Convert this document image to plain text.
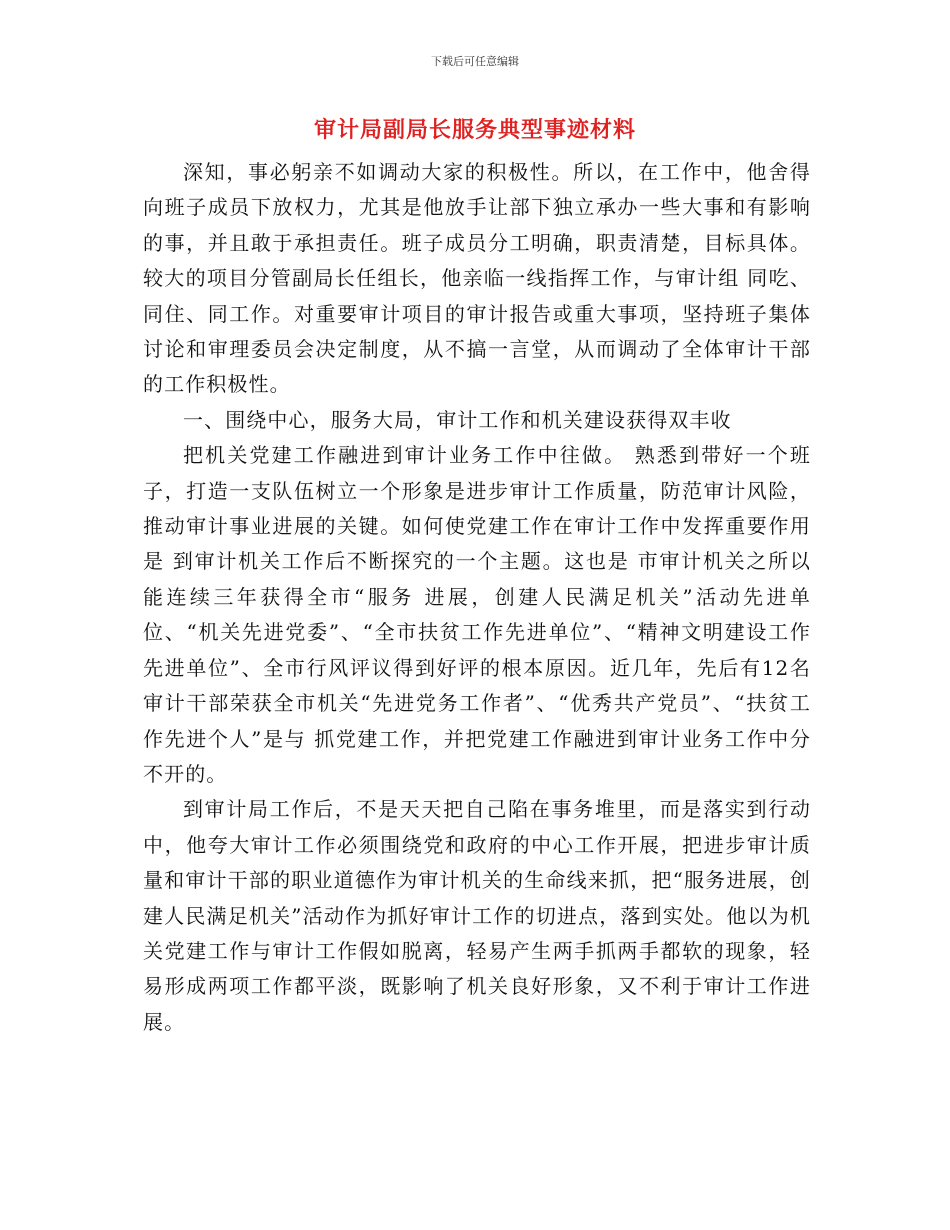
下载后可任意编辑
审计局副局长服务典型事迹材料

深知，事必躬亲不如调动大家的积极性。所以，在工作中，他舍得向班子成员下放权力，尤其是他放手让部下独立承办一些大事和有影响的事，并且敢于承担责任。班子成员分工明确，职责清楚，目标具体。较大的项目分管副局长任组长，他亲临一线指挥工作，与审计组 同吃、同住、同工作。对重要审计项目的审计报告或重大事项，坚持班子集体讨论和审理委员会决定制度，从不搞一言堂，从而调动了全体审计干部的工作积极性。

一、围绕中心，服务大局，审计工作和机关建设获得双丰收

把机关党建工作融进到审计业务工作中往做。 熟悉到带好一个班子，打造一支队伍树立一个形象是进步审计工作质量，防范审计风险，推动审计事业进展的关键。如何使党建工作在审计工作中发挥重要作用是 到审计机关工作后不断探究的一个主题。这也是 市审计机关之所以能连续三年获得全市“服务 进展，创建人民满足机关”活动先进单位、“机关先进党委”、“全市扶贫工作先进单位”、“精神文明建设工作先进单位”、全市行风评议得到好评的根本原因。近几年，先后有12名审计干部荣获全市机关“先进党务工作者”、“优秀共产党员”、“扶贫工作先进个人”是与 抓党建工作，并把党建工作融进到审计业务工作中分不开的。

到审计局工作后，不是天天把自己陷在事务堆里，而是落实到行动中，他夸大审计工作必须围绕党和政府的中心工作开展，把进步审计质量和审计干部的职业道德作为审计机关的生命线来抓，把“服务进展，创建人民满足机关”活动作为抓好审计工作的切进点，落到实处。他以为机关党建工作与审计工作假如脱离，轻易产生两手抓两手都软的现象，轻易形成两项工作都平淡，既影响了机关良好形象，又不利于审计工作进展。
